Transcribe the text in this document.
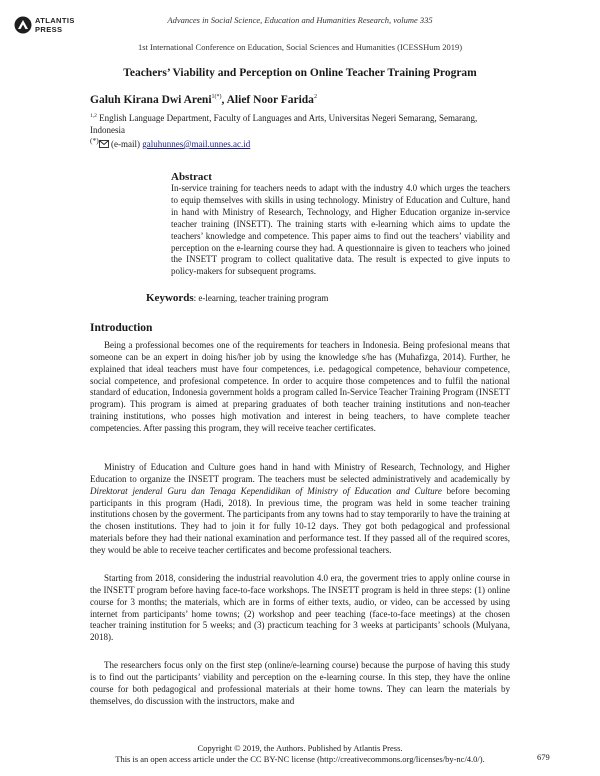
ATLANTIS
PRESS
Advances in Social Science, Education and Humanities Research, volume 335
1st International Conference on Education, Social Sciences and Humanities (ICESSHum 2019)
Teachers’ Viability and Perception on Online Teacher Training Program
Galuh Kirana Dwi Areni$^{1(*)}$, Alief Noor Farida$^2$
$^{1,2}$ English Language Department, Faculty of Languages and Arts, Universitas Negeri Semarang, Semarang, Indonesia
(*) (e-mail) galuhunnes@mail.unnes.ac.id
Abstract
In-service training for teachers needs to adapt with the industry 4.0 which urges the teachers to equip themselves with skills in using technology. Ministry of Education and Culture, hand in hand with Ministry of Research, Technology, and Higher Education organize in-service teacher training (INSETT). The training starts with e-learning which aims to update the teachers’ knowledge and competence. This paper aims to find out the teachers’ viability and perception on the e-learning course they had. A questionnaire is given to teachers who joined the INSETT program to collect qualitative data. The result is expected to give inputs to policy-makers for subsequent programs.
Keywords: e-learning, teacher training program
Introduction

Being a professional becomes one of the requirements for teachers in Indonesia. Being profesional means that someone can be an expert in doing his/her job by using the knowledge s/he has (Muhafizga, 2014). Further, he explained that ideal teachers must have four competences, i.e. pedagogical competence, behaviour competence, social competence, and profesional competence. In order to acquire those competences and to fulfil the national standard of education, Indonesia government holds a program called In-Service Teacher Training Program (INSETT program). This program is aimed at preparing graduates of both teacher training institutions and non-teacher training institutions, who posses high motivation and interest in being teachers, to have complete teacher competencies. After passing this program, they will receive teacher certificates.

Ministry of Education and Culture goes hand in hand with Ministry of Research, Technology, and Higher Education to organize the INSETT program. The teachers must be selected administratively and academically by Direktorat jenderal Guru dan Tenaga Kependidikan of Ministry of Education and Culture before becoming participants in this program (Hadi, 2018). In previous time, the program was held in some teacher training institutions chosen by the goverment. The participants from any towns had to stay temporarily to have the training at the chosen institutions. They had to join it for fully 10-12 days. They got both pedagogical and professional materials before they had their national examination and performance test. If they passed all of the required scores, they would be able to receive teacher certificates and become professional teachers.

Starting from 2018, considering the industrial reavolution 4.0 era, the goverment tries to apply online course in the INSETT program before having face-to-face workshops. The INSETT program is held in three steps: (1) online course for 3 months; the materials, which are in forms of either texts, audio, or video, can be accessed by using internet from participants’ home towns; (2) workshop and peer teaching (face-to-face meetings) at the chosen teacher training institution for 5 weeks; and (3) practicum teaching for 3 weeks at participants’ schools (Mulyana, 2018).

The researchers focus only on the first step (online/e-learning course) because the purpose of having this study is to find out the participants’ viability and perception on the e-learning course. In this step, they have the online course for both pedagogical and professional materials at their home towns. They can learn the materials by themselves, do discussion with the instructors, make and

Copyright © 2019, the Authors. Published by Atlantis Press.
This is an open access article under the CC BY-NC license (http://creativecommons.org/licenses/by-nc/4.0/).	679
